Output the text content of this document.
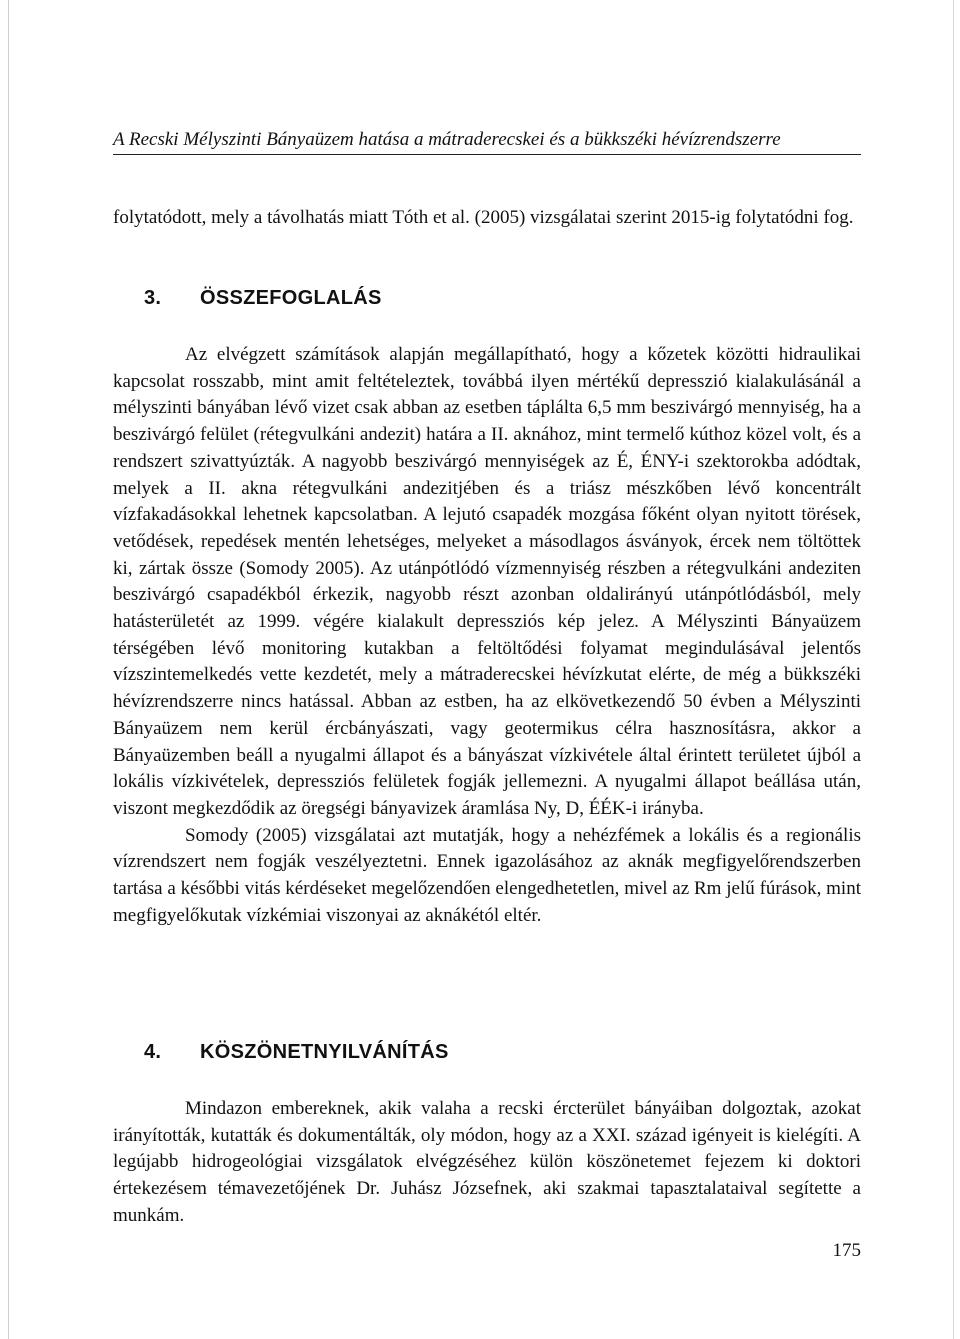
A Recski Mélyszinti Bányaüzem hatása a mátraderecskei és a bükkszéki hévízrendszerre

folytatódott, mely a távolhatás miatt Tóth et al. (2005) vizsgálatai szerint 2015-ig folytatódni fog.

3. ÖSSZEFOGLALÁS

Az elvégzett számítások alapján megállapítható, hogy a kőzetek közötti hidraulikai kapcsolat rosszabb, mint amit feltételeztek, továbbá ilyen mértékű depresszió kialakulásánál a mélyszinti bányában lévő vizet csak abban az esetben táplálta 6,5 mm beszivárgó mennyiség, ha a beszivárgó felület (rétegvulkáni andezit) határa a II. aknához, mint termelő kúthoz közel volt, és a rendszert szivattyúzták. A nagyobb beszivárgó mennyiségek az É, ÉNY-i szektorokba adódtak, melyek a II. akna rétegvulkáni andezitjében és a triász mészkőben lévő koncentrált vízfakadásokkal lehetnek kapcsolatban. A lejutó csapadék mozgása főként olyan nyitott törések, vetődések, repedések mentén lehetséges, melyeket a másodlagos ásványok, ércek nem töltöttek ki, zártak össze (Somody 2005). Az utánpótlódó vízmennyiség részben a rétegvulkáni andeziten beszivárgó csapadékból érkezik, nagyobb részt azonban oldalirányú utánpótlódásból, mely hatásterületét az 1999. végére kialakult depressziós kép jelez. A Mélyszinti Bányaüzem térségében lévő monitoring kutakban a feltöltődési folyamat megindulásával jelentős vízszintemelkedés vette kezdetét, mely a mátraderecskei hévízkutat elérte, de még a bükkszéki hévízrendszerre nincs hatással. Abban az estben, ha az elkövetkezendő 50 évben a Mélyszinti Bányaüzem nem kerül ércbányászati, vagy geotermikus célra hasznosításra, akkor a Bányaüzemben beáll a nyugalmi állapot és a bányászat vízkivétele által érintett területet újból a lokális vízkivételek, depressziós felületek fogják jellemezni. A nyugalmi állapot beállása után, viszont megkezdődik az öregségi bányavizek áramlása Ny, D, ÉÉK-i irányba.

Somody (2005) vizsgálatai azt mutatják, hogy a nehézfémek a lokális és a regionális vízrendszert nem fogják veszélyeztetni. Ennek igazolásához az aknák megfigyelőrendszerben tartása a későbbi vitás kérdéseket megelőzendően elengedhetetlen, mivel az Rm jelű fúrások, mint megfigyelőkutak vízkémiai viszonyai az aknákétól eltér.

4. KÖSZÖNETNYILVÁNÍTÁS

Mindazon embereknek, akik valaha a recski ércterület bányáiban dolgoztak, azokat irányították, kutatták és dokumentálták, oly módon, hogy az a XXI. század igényeit is kielégíti. A legújabb hidrogeológiai vizsgálatok elvégzéséhez külön köszönetemet fejezem ki doktori értekezésem témavezetőjének Dr. Juhász Józsefnek, aki szakmai tapasztalataival segítette a munkám.

175
